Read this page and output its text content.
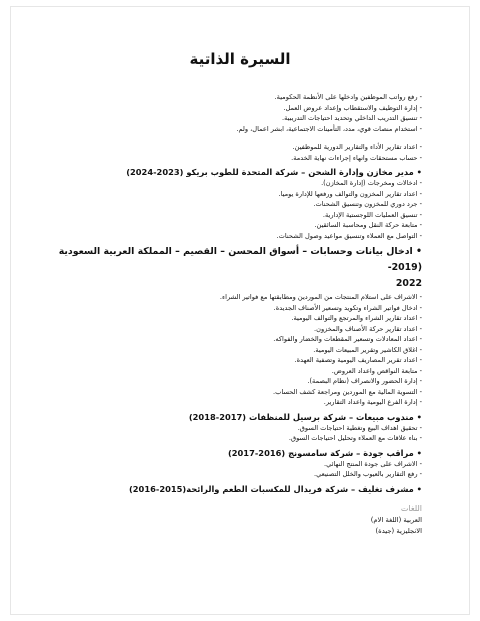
السيرة الذاتية
- رفع رواتب الموظفين وادخلها على الأنظمة الحكومية.
- إدارة التوظيف والاستقطاب وإعداد عروض العمل.
- تنسيق التدريب الداخلي وتحديد احتياجات التدريبية.
- استخدام منصات قوي، مدد، التأمينات الاجتماعية، ابشر اعمال، ولم.
- اعداد تقارير الأداء والتقارير الدورية للموظفين.
- حساب مستحقات وانهاء إجراءات نهاية الخدمة.
• مدير مخازن وإدارة الشحن – شركة المتحدة للطوب بريكو (2023-2024)
- ادخالات ومخرجات (إدارة المخازن).
- اعداد تقارير المخزون والتوالف ورفعها للإدارة يوميا.
- جرد دوري للمخزون وتنسيق الشحنات.
- تنسيق العمليات اللوجستية الإدارية.
- متابعة حركة النقل ومحاسبة السائقين.
- التواصل مع العملاء وتنسيق مواعيد وصول الشحنات.
• ادخال بيانات وحسابات – أسواق المحسن – القصيم – المملكة العربية السعودية (2019-
2022
- الاشراف على استلام المنتجات من الموردين ومطابقتها مع فواتير الشراء.
- ادخال فواتير الشراء وتكويد وتسعير الأصناف الجديدة.
- اعداد تقارير الشراء والمرتجع والتوالف اليومية.
- اعداد تقارير حركة الأصناف والمخزون.
- اعداد المعادلات وتسعير المقطعات والخضار والفواكه.
- اغلاق الكاشير وتقرير المبيعات اليومية.
- اعداد تقرير المصاريف اليومية وتصفية العهدة.
- متابعة النواقص واعداد العروض.
- إدارة الحضور والانصراف (نظام البصمة).
- التسوية المالية مع الموردين ومراجعة كشف الحساب.
- إدارة الفرع اليومية واعداد التقارير.
• مندوب مبيعات – شركة برسيل للمنظفات (2017-2018)
- تحقيق اهداف البيع وتغطية احتياجات السوق.
- بناء علاقات مع العملاء وتحليل احتياجات السوق.
• مراقب جودة – شركة سامسونج (2016-2017)
- الاشراف على جودة المنتج النهائي.
- رفع التقارير بالعيوب والخلل التصنيعي.
• مشرف تغليف – شركة فريدال للمكسبات الطعم والرائحة(2015-2016)
اللغات
العربية (اللغة الام)
الانجليزية (جيدة)
